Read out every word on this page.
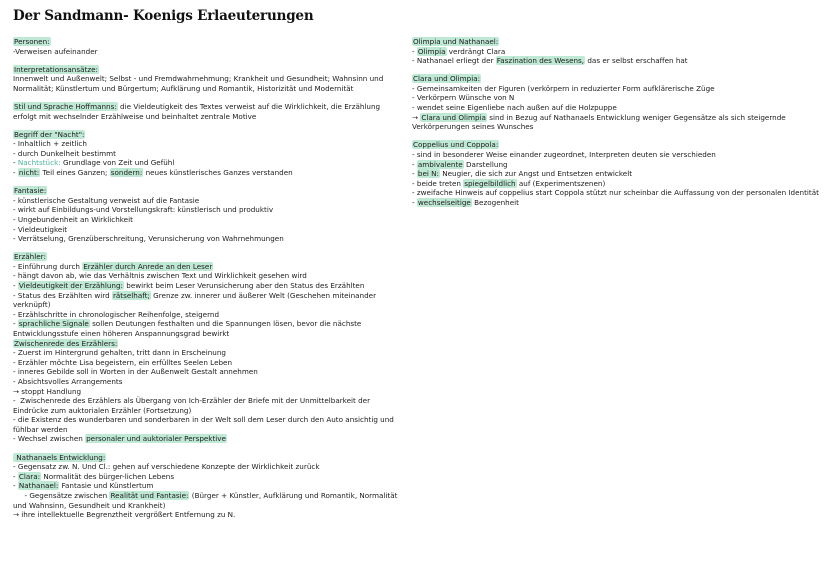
Der Sandmann- Koenigs Erlaeuterungen
Personen:
-Verweisen aufeinander
Interpretationsansätze:
Innenwelt und Außenwelt; Selbst - und Fremdwahrnehmung; Krankheit und Gesundheit; Wahnsinn und
Normalität; Künstlertum und Bürgertum; Aufklärung und Romantik, Historizität und Modernität
Stil und Sprache Hoffmanns: die Vieldeutigkeit des Textes verweist auf die Wirklichkeit, die Erzählung
erfolgt mit wechselnder Erzählweise und beinhaltet zentrale Motive
Begriff der "Nacht":
- Inhaltlich + zeitlich
- durch Dunkelheit bestimmt
- Nachtstück: Grundlage von Zeit und Gefühl
- nicht: Teil eines Ganzen; sondern: neues künstlerisches Ganzes verstanden
Fantasie:
- künstlerische Gestaltung verweist auf die Fantasie
- wirkt auf Einbildungs-und Vorstellungskraft: künstlerisch und produktiv
- Ungebundenheit an Wirklichkeit
- Vieldeutigkeit
- Verrätselung, Grenzüberschreitung, Verunsicherung von Wahrnehmungen
Erzähler:
- Einführung durch Erzähler durch Anrede an den Leser
- hängt davon ab, wie das Verhältnis zwischen Text und Wirklichkeit gesehen wird
- Vieldeutigkeit der Erzählung: bewirkt beim Leser Verunsicherung aber den Status des Erzählten
- Status des Erzählten wird rätselhaft; Grenze zw. innerer und äußerer Welt (Geschehen miteinander
verknüpft)
- Erzählschritte in chronologischer Reihenfolge, steigernd
- sprachliche Signale sollen Deutungen festhalten und die Spannungen lösen, bevor die nächste
Entwicklungsstufe einen höheren Anspannungsgrad bewirkt
Zwischenrede des Erzählers:
- Zuerst im Hintergrund gehalten, tritt dann in Erscheinung
- Erzähler möchte Lisa begeistern, ein erfülltes Seelen Leben
- inneres Gebilde soll in Worten in der Außenwelt Gestalt annehmen
- Absichtsvolles Arrangements
→ stoppt Handlung
-  Zwischenrede des Erzählers als Übergang von Ich-Erzähler der Briefe mit der Unmittelbarkeit der
Eindrücke zum auktorialen Erzähler (Fortsetzung)
- die Existenz des wunderbaren und sonderbaren in der Welt soll dem Leser durch den Auto ansichtig und
fühlbar werden
- Wechsel zwischen personaler und auktorialer Perspektive
Nathanaels Entwicklung:
- Gegensatz zw. N. Und Cl.: gehen auf verschiedene Konzepte der Wirklichkeit zurück
- Clara: Normalität des bürger-lichen Lebens
- Nathanael: Fantasie und Künstlertum
- Gegensätze zwischen Realität und Fantasie: (Bürger + Künstler, Aufklärung und Romantik, Normalität
und Wahnsinn, Gesundheit und Krankheit)
→ ihre intellektuelle Begrenztheit vergrößert Entfernung zu N.
Olimpia und Nathanael:
- Olimpia verdrängt Clara
- Nathanael erliegt der Faszination des Wesens, das er selbst erschaffen hat
Clara und Olimpia:
- Gemeinsamkeiten der Figuren (verkörpern in reduzierter Form aufklärerische Züge
- Verkörpern Wünsche von N
- wendet seine Eigenliebe nach außen auf die Holzpuppe
→ Clara und Olimpia sind in Bezug auf Nathanaels Entwicklung weniger Gegensätze als sich steigernde
Verkörperungen seines Wunsches
Coppelius und Coppola:
- sind in besonderer Weise einander zugeordnet, Interpreten deuten sie verschieden
- ambivalente Darstellung
- bei N: Neugier, die sich zur Angst und Entsetzen entwickelt
- beide treten spiegelbildlich auf (Experimentszenen)
- zweifache Hinweis auf coppelius start Coppola stützt nur scheinbar die Auffassung von der personalen Identität
- wechselseitige Bezogenheit
